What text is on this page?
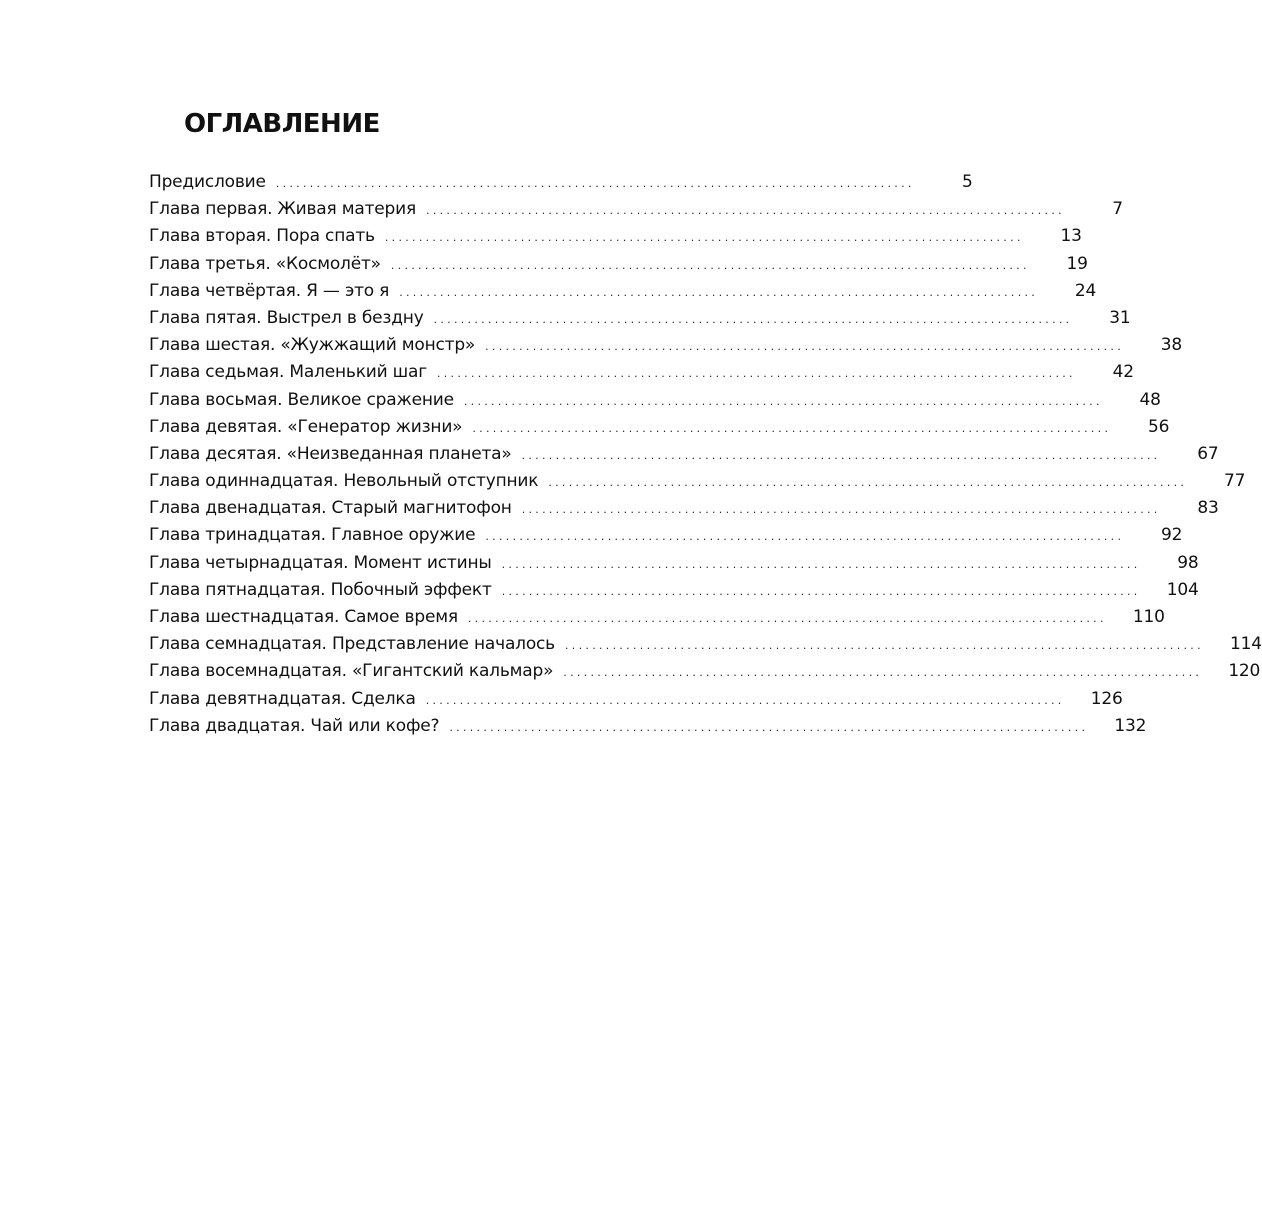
ОГЛАВЛЕНИЕ
Предисловие ..............................................................................................	5
Глава первая. Живая материя ..............................................................................................	7
Глава вторая. Пора спать ..............................................................................................	13
Глава третья. «Космолёт» ..............................................................................................	19
Глава четвёртая. Я — это я ..............................................................................................	24
Глава пятая. Выстрел в бездну ..............................................................................................	31
Глава шестая. «Жужжащий монстр» ..............................................................................................	38
Глава седьмая. Маленький шаг ..............................................................................................	42
Глава восьмая. Великое сражение ..............................................................................................	48
Глава девятая. «Генератор жизни» ..............................................................................................	56
Глава десятая. «Неизведанная планета» ..............................................................................................	67
Глава одиннадцатая. Невольный отступник ..............................................................................................	77
Глава двенадцатая. Старый магнитофон ..............................................................................................	83
Глава тринадцатая. Главное оружие ..............................................................................................	92
Глава четырнадцатая. Момент истины ..............................................................................................	98
Глава пятнадцатая. Побочный эффект ..............................................................................................	104
Глава шестнадцатая. Самое время ..............................................................................................	110
Глава семнадцатая. Представление началось ..............................................................................................	114
Глава восемнадцатая. «Гигантский кальмар» ..............................................................................................	120
Глава девятнадцатая. Сделка ..............................................................................................	126
Глава двадцатая. Чай или кофе? ..............................................................................................	132
